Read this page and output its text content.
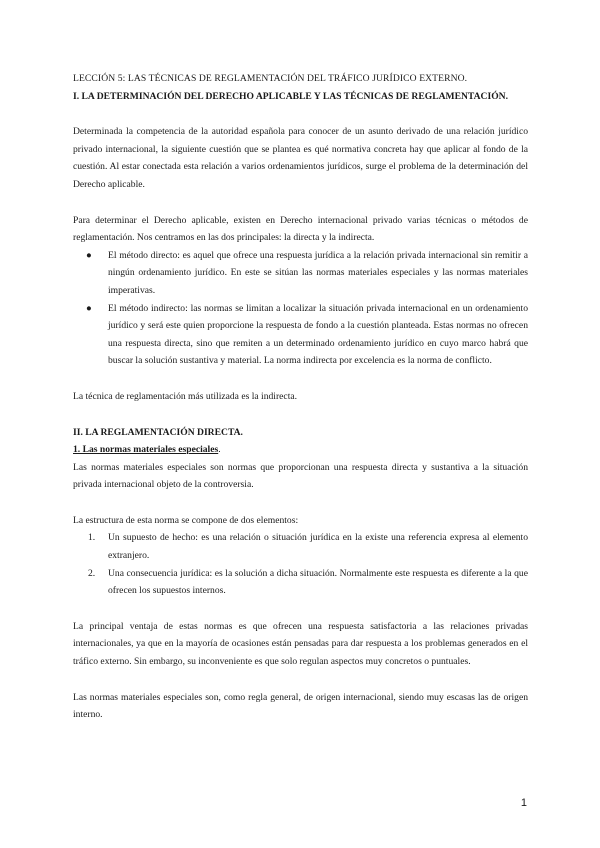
LECCIÓN 5: LAS TÉCNICAS DE REGLAMENTACIÓN DEL TRÁFICO JURÍDICO EXTERNO.

I. LA DETERMINACIÓN DEL DERECHO APLICABLE Y LAS TÉCNICAS DE REGLAMENTACIÓN.

Determinada la competencia de la autoridad española para conocer de un asunto derivado de una relación jurídico privado internacional, la siguiente cuestión que se plantea es qué normativa concreta hay que aplicar al fondo de la cuestión. Al estar conectada esta relación a varios ordenamientos jurídicos, surge el problema de la determinación del Derecho aplicable.

Para determinar el Derecho aplicable, existen en Derecho internacional privado varias técnicas o métodos de reglamentación. Nos centramos en las dos principales: la directa y la indirecta.

● El método directo: es aquel que ofrece una respuesta jurídica a la relación privada internacional sin remitir a ningún ordenamiento jurídico. En este se sitúan las normas materiales especiales y las normas materiales imperativas.
● El método indirecto: las normas se limitan a localizar la situación privada internacional en un ordenamiento jurídico y será este quien proporcione la respuesta de fondo a la cuestión planteada. Estas normas no ofrecen una respuesta directa, sino que remiten a un determinado ordenamiento jurídico en cuyo marco habrá que buscar la solución sustantiva y material. La norma indirecta por excelencia es la norma de conflicto.

La técnica de reglamentación más utilizada es la indirecta.

II. LA REGLAMENTACIÓN DIRECTA.

1. Las normas materiales especiales.

Las normas materiales especiales son normas que proporcionan una respuesta directa y sustantiva a la situación privada internacional objeto de la controversia.

La estructura de esta norma se compone de dos elementos:

1. Un supuesto de hecho: es una relación o situación jurídica en la existe una referencia expresa al elemento extranjero.
2. Una consecuencia jurídica: es la solución a dicha situación. Normalmente este respuesta es diferente a la que ofrecen los supuestos internos.

La principal ventaja de estas normas es que ofrecen una respuesta satisfactoria a las relaciones privadas internacionales, ya que en la mayoría de ocasiones están pensadas para dar respuesta a los problemas generados en el tráfico externo. Sin embargo, su inconveniente es que solo regulan aspectos muy concretos o puntuales.

Las normas materiales especiales son, como regla general, de origen internacional, siendo muy escasas las de origen interno.

1
